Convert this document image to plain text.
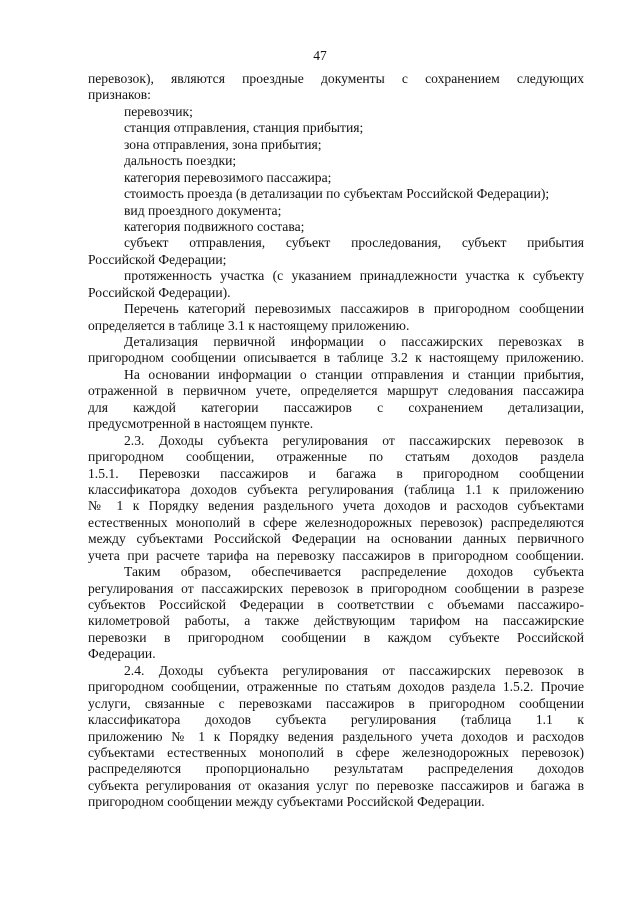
47
перевозок), являются проездные документы с сохранением следующих
признаков:
перевозчик;
станция отправления, станция прибытия;
зона отправления, зона прибытия;
дальность поездки;
категория перевозимого пассажира;
стоимость проезда (в детализации по субъектам Российской Федерации);
вид проездного документа;
категория подвижного состава;
субъект отправления, субъект проследования, субъект прибытия
Российской Федерации;
протяженность участка (с указанием принадлежности участка к субъекту
Российской Федерации).
Перечень категорий перевозимых пассажиров в пригородном сообщении
определяется в таблице 3.1 к настоящему приложению.
Детализация первичной информации о пассажирских перевозках в
пригородном сообщении описывается в таблице 3.2 к настоящему приложению.
На основании информации о станции отправления и станции прибытия,
отраженной в первичном учете, определяется маршрут следования пассажира
для каждой категории пассажиров с сохранением детализации,
предусмотренной в настоящем пункте.
2.3. Доходы субъекта регулирования от пассажирских перевозок в
пригородном сообщении, отраженные по статьям доходов раздела
1.5.1. Перевозки пассажиров и багажа в пригородном сообщении
классификатора доходов субъекта регулирования (таблица 1.1 к приложению
№ 1 к Порядку ведения раздельного учета доходов и расходов субъектами
естественных монополий в сфере железнодорожных перевозок) распределяются
между субъектами Российской Федерации на основании данных первичного
учета при расчете тарифа на перевозку пассажиров в пригородном сообщении.
Таким образом, обеспечивается распределение доходов субъекта
регулирования от пассажирских перевозок в пригородном сообщении в разрезе
субъектов Российской Федерации в соответствии с объемами пассажиро-
километровой работы, а также действующим тарифом на пассажирские
перевозки в пригородном сообщении в каждом субъекте Российской
Федерации.
2.4. Доходы субъекта регулирования от пассажирских перевозок в
пригородном сообщении, отраженные по статьям доходов раздела 1.5.2. Прочие
услуги, связанные с перевозками пассажиров в пригородном сообщении
классификатора доходов субъекта регулирования (таблица 1.1 к
приложению № 1 к Порядку ведения раздельного учета доходов и расходов
субъектами естественных монополий в сфере железнодорожных перевозок)
распределяются пропорционально результатам распределения доходов
субъекта регулирования от оказания услуг по перевозке пассажиров и багажа в
пригородном сообщении между субъектами Российской Федерации.
